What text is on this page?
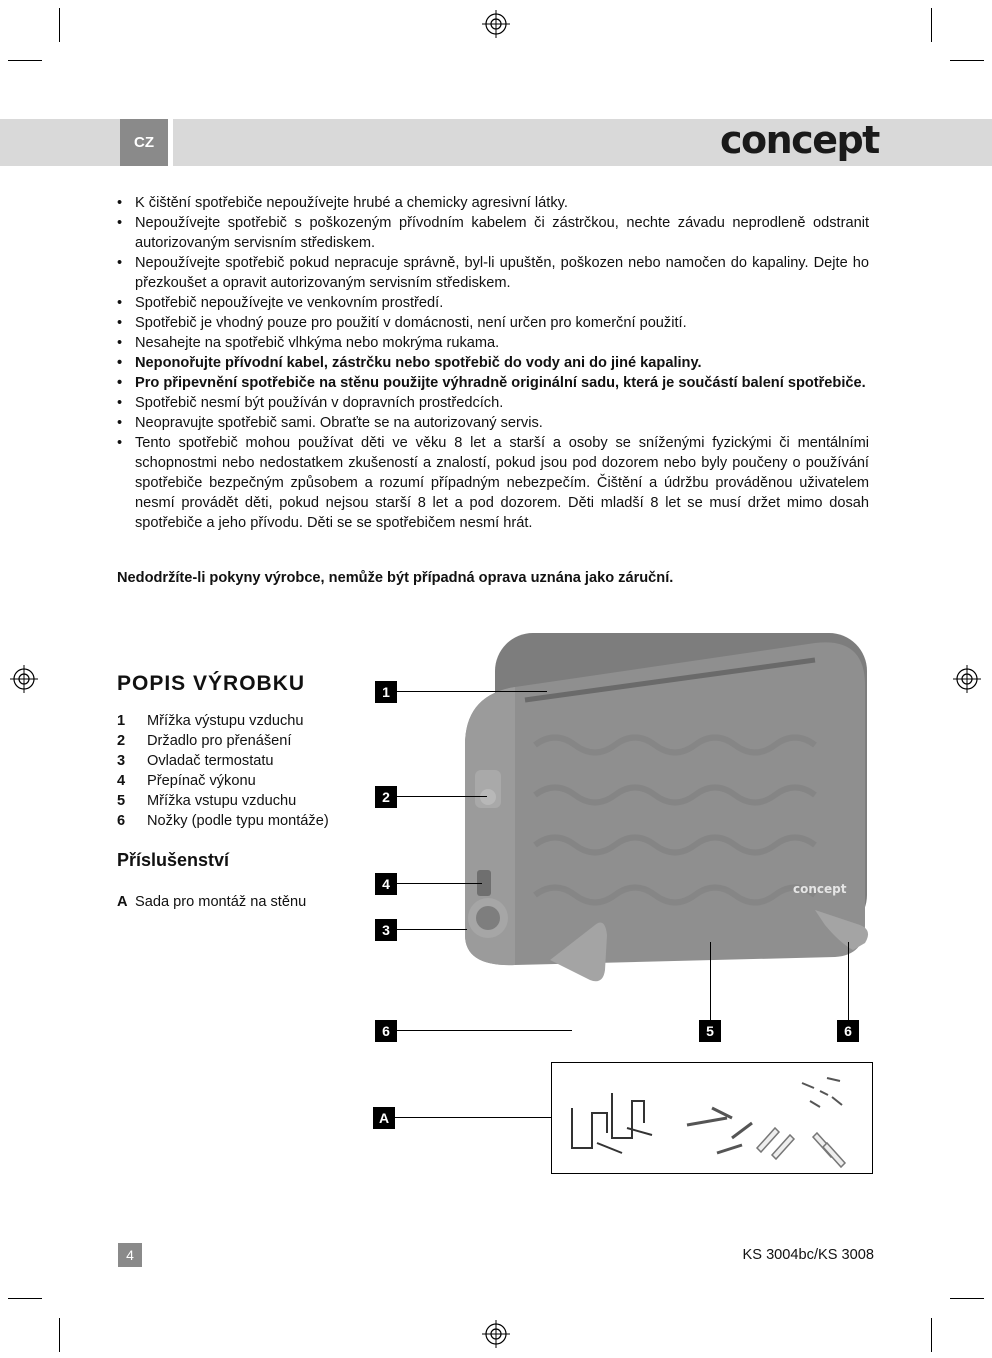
CZ	concept
• K čištění spotřebiče nepoužívejte hrubé a chemicky agresivní látky.
• Nepoužívejte spotřebič s poškozeným přívodním kabelem či zástrčkou, nechte závadu neprodleně odstranit autorizovaným servisním střediskem.
• Nepoužívejte spotřebič pokud nepracuje správně, byl-li upuštěn, poškozen nebo namočen do kapaliny. Dejte ho přezkoušet a opravit autorizovaným servisním střediskem.
• Spotřebič nepoužívejte ve venkovním prostředí.
• Spotřebič je vhodný pouze pro použití v domácnosti, není určen pro komerční použití.
• Nesahejte na spotřebič vlhkýma nebo mokrýma rukama.
• Neponořujte přívodní kabel, zástrčku nebo spotřebič do vody ani do jiné kapaliny.
• Pro připevnění spotřebiče na stěnu použijte výhradně originální sadu, která je součástí balení spotřebiče.
• Spotřebič nesmí být používán v dopravních prostředcích.
• Neopravujte spotřebič sami. Obraťte se na autorizovaný servis.
• Tento spotřebič mohou používat děti ve věku 8 let a starší a osoby se sníženými fyzickými či mentálními schopnostmi nebo nedostatkem zkušeností a znalostí, pokud jsou pod dozorem nebo byly poučeny o používání spotřebiče bezpečným způsobem a rozumí případným nebezpečím. Čištění a údržbu prováděnou uživatelem nesmí provádět děti, pokud nejsou starší 8 let a pod dozorem. Děti mladší 8 let se musí držet mimo dosah spotřebiče a jeho přívodu. Děti se se spotřebičem nesmí hrát.
Nedodržíte-li pokyny výrobce, nemůže být případná oprava uznána jako záruční.
POPIS VÝROBKU
1	Mřížka výstupu vzduchu
2	Držadlo pro přenášení
3	Ovladač termostatu
4	Přepínač výkonu
5	Mřížka vstupu vzduchu
6	Nožky (podle typu montáže)
Příslušenství
A Sada pro montáž na stěnu
concept
1
2
4
3
6	5	6
A
4	KS 3004bc/KS 3008
